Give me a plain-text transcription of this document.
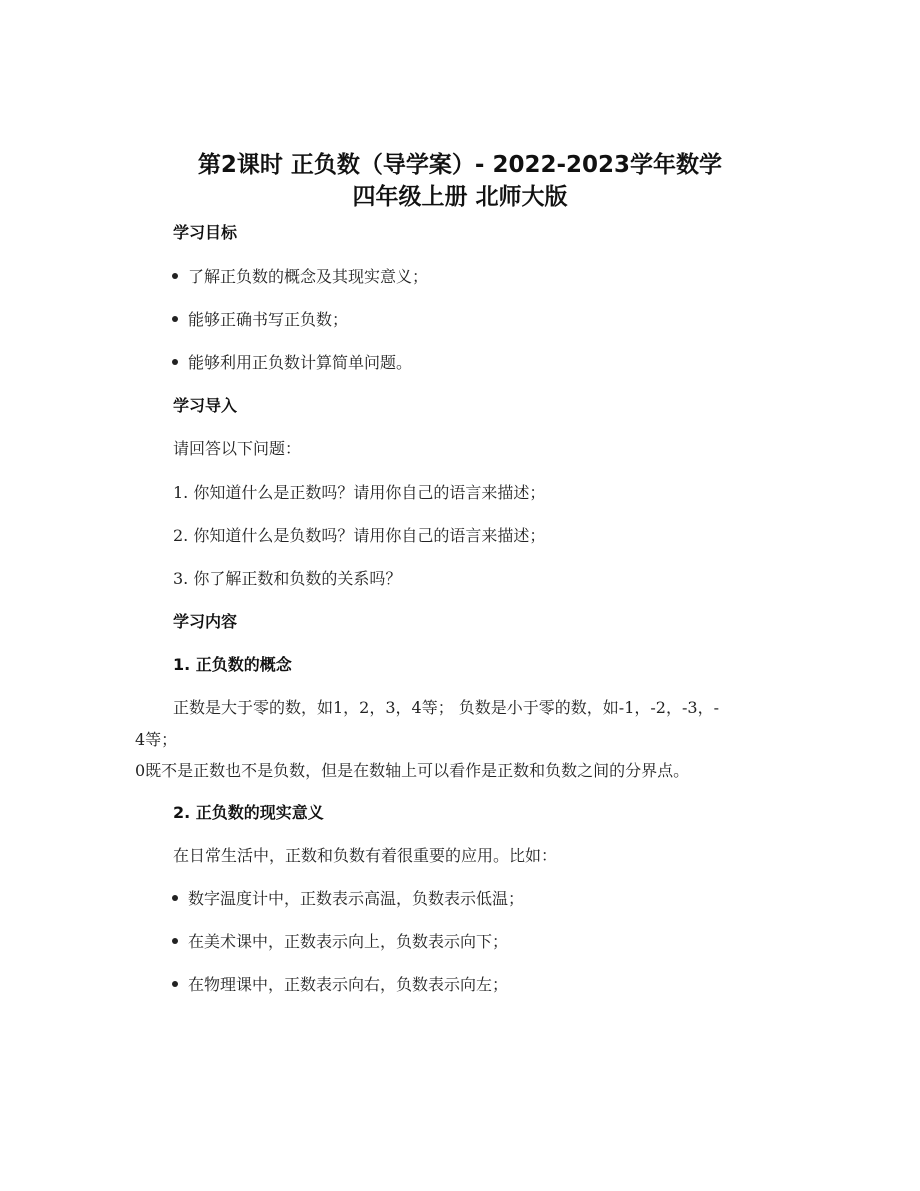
第2课时 正负数（导学案）- 2022-2023学年数学
四年级上册 北师大版
学习目标
了解正负数的概念及其现实意义；
能够正确书写正负数；
能够利用正负数计算简单问题。
学习导入
请回答以下问题：
1. 你知道什么是正数吗？请用你自己的语言来描述；
2. 你知道什么是负数吗？请用你自己的语言来描述；
3. 你了解正数和负数的关系吗？
学习内容
1. 正负数的概念
正数是大于零的数，如1，2，3，4等； 负数是小于零的数，如-1，-2，-3，-
4等；
0既不是正数也不是负数，但是在数轴上可以看作是正数和负数之间的分界点。
2. 正负数的现实意义
在日常生活中，正数和负数有着很重要的应用。比如：
数字温度计中，正数表示高温，负数表示低温；
在美术课中，正数表示向上，负数表示向下；
在物理课中，正数表示向右，负数表示向左；
